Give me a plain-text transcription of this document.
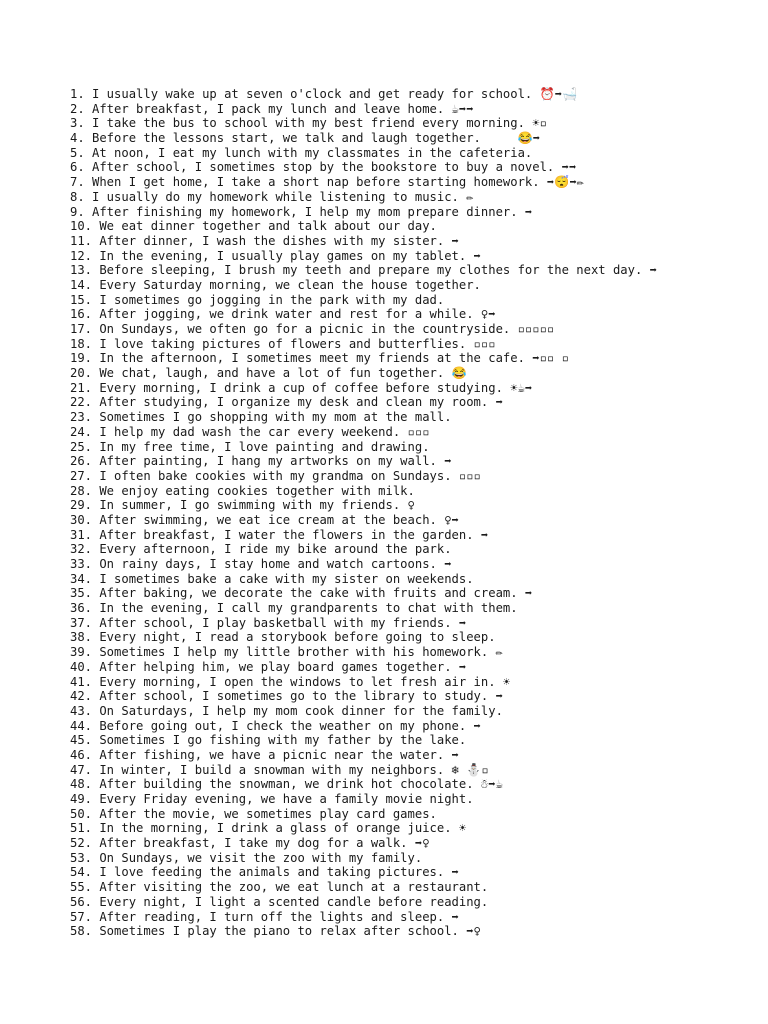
1. I usually wake up at seven o'clock and get ready for school. ⏰➡🛁
2. After breakfast, I pack my lunch and leave home. ☕➡➡
3. I take the bus to school with my best friend every morning. ☀▫
4. Before the lessons start, we talk and laugh together.     😂➡
5. At noon, I eat my lunch with my classmates in the cafeteria.
6. After school, I sometimes stop by the bookstore to buy a novel. ➡➡
7. When I get home, I take a short nap before starting homework. ➡😴➡✏
8. I usually do my homework while listening to music. ✏
9. After finishing my homework, I help my mom prepare dinner. ➡
10. We eat dinner together and talk about our day.
11. After dinner, I wash the dishes with my sister. ➡
12. In the evening, I usually play games on my tablet. ➡
13. Before sleeping, I brush my teeth and prepare my clothes for the next day. ➡
14. Every Saturday morning, we clean the house together.
15. I sometimes go jogging in the park with my dad.
16. After jogging, we drink water and rest for a while. ♀➡
17. On Sundays, we often go for a picnic in the countryside. ▫▫▫▫▫
18. I love taking pictures of flowers and butterflies. ▫▫▫
19. In the afternoon, I sometimes meet my friends at the cafe. ➡▫▫ ▫
20. We chat, laugh, and have a lot of fun together. 😂
21. Every morning, I drink a cup of coffee before studying. ☀☕➡
22. After studying, I organize my desk and clean my room. ➡
23. Sometimes I go shopping with my mom at the mall.
24. I help my dad wash the car every weekend. ▫▫▫
25. In my free time, I love painting and drawing.
26. After painting, I hang my artworks on my wall. ➡
27. I often bake cookies with my grandma on Sundays. ▫▫▫
28. We enjoy eating cookies together with milk.
29. In summer, I go swimming with my friends. ♀
30. After swimming, we eat ice cream at the beach. ♀➡
31. After breakfast, I water the flowers in the garden. ➡
32. Every afternoon, I ride my bike around the park.
33. On rainy days, I stay home and watch cartoons. ➡
34. I sometimes bake a cake with my sister on weekends.
35. After baking, we decorate the cake with fruits and cream. ➡
36. In the evening, I call my grandparents to chat with them.
37. After school, I play basketball with my friends. ➡
38. Every night, I read a storybook before going to sleep.
39. Sometimes I help my little brother with his homework. ✏
40. After helping him, we play board games together. ➡
41. Every morning, I open the windows to let fresh air in. ☀
42. After school, I sometimes go to the library to study. ➡
43. On Saturdays, I help my mom cook dinner for the family.
44. Before going out, I check the weather on my phone. ➡
45. Sometimes I go fishing with my father by the lake.
46. After fishing, we have a picnic near the water. ➡
47. In winter, I build a snowman with my neighbors. ❄ ⛄▫
48. After building the snowman, we drink hot chocolate. ☃➡☕
49. Every Friday evening, we have a family movie night.
50. After the movie, we sometimes play card games.
51. In the morning, I drink a glass of orange juice. ☀
52. After breakfast, I take my dog for a walk. ➡♀
53. On Sundays, we visit the zoo with my family.
54. I love feeding the animals and taking pictures. ➡
55. After visiting the zoo, we eat lunch at a restaurant.
56. Every night, I light a scented candle before reading.
57. After reading, I turn off the lights and sleep. ➡
58. Sometimes I play the piano to relax after school. ➡♀
